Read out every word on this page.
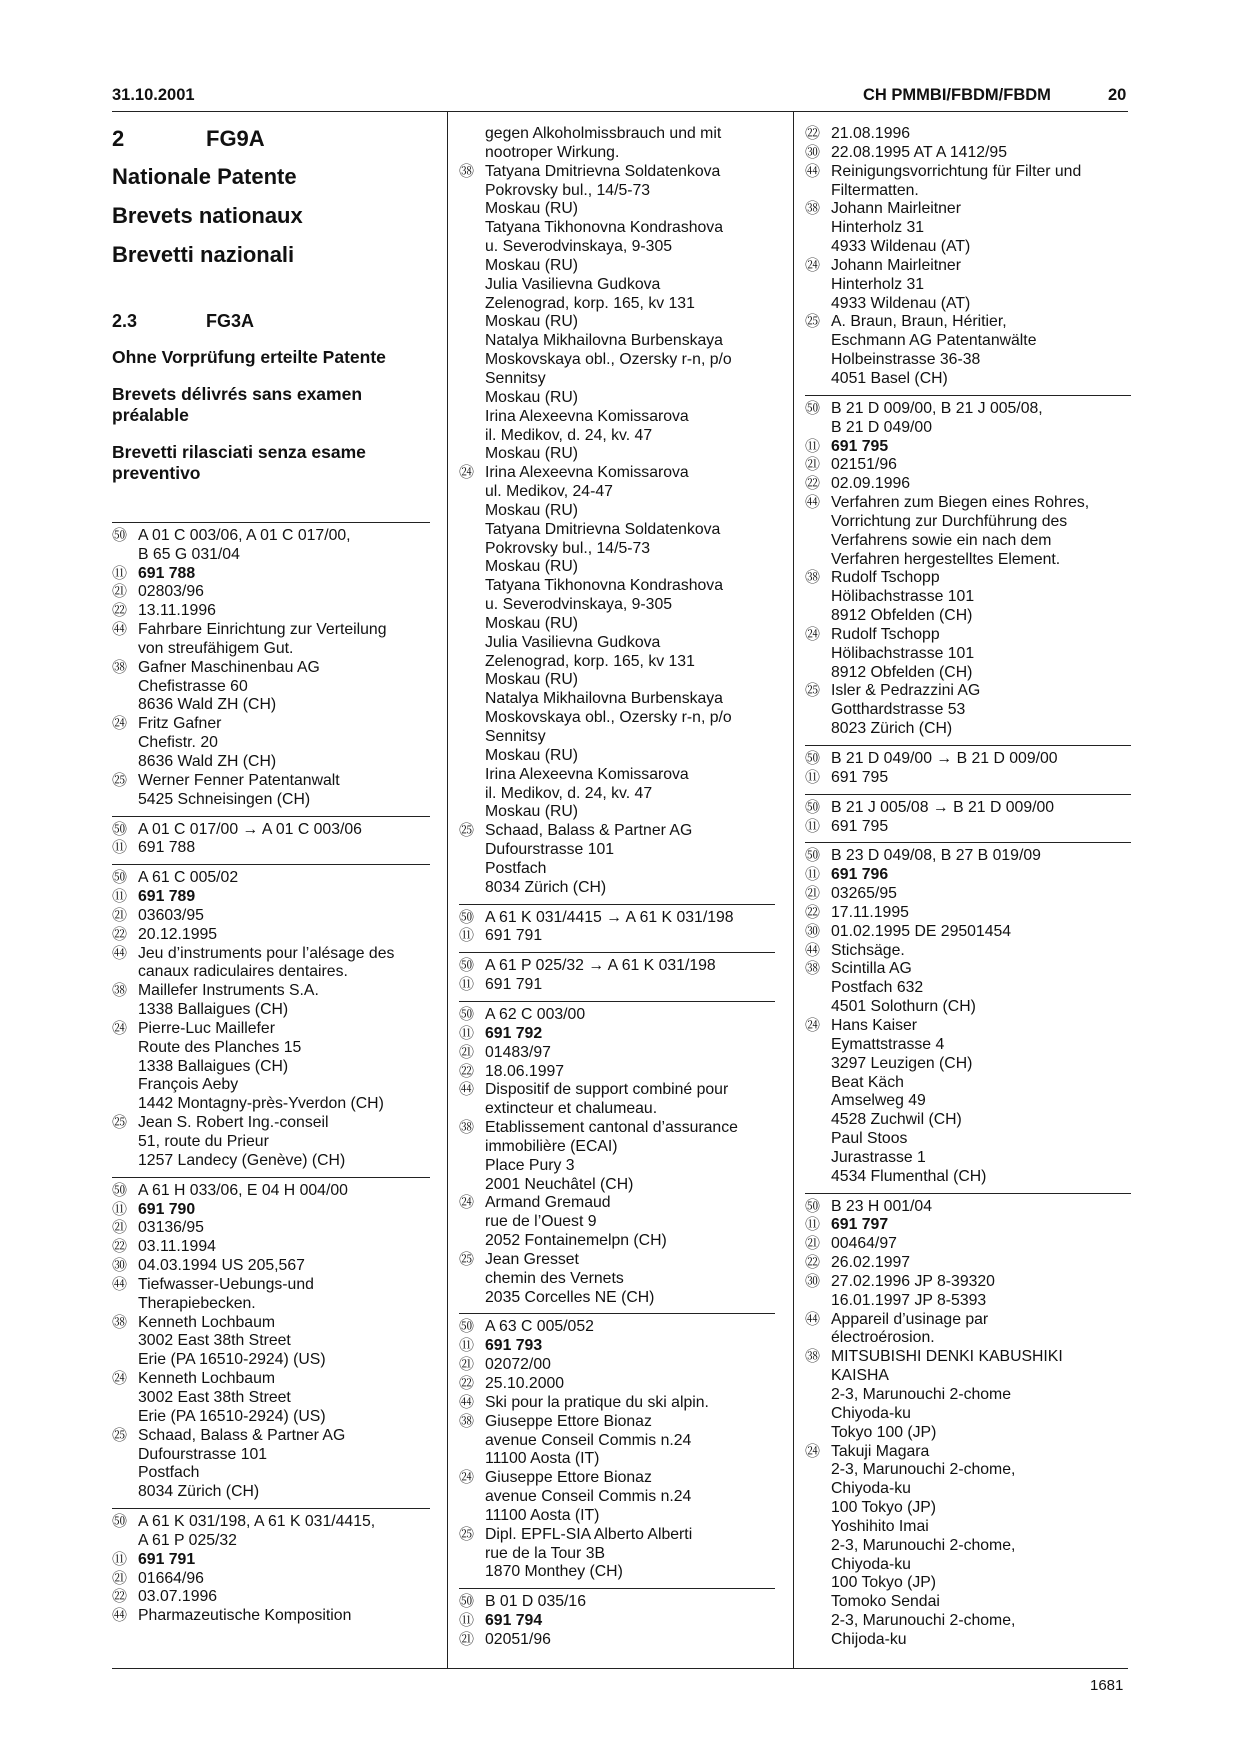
31.10.2001	CH PMMBI/FBDM/FBDM	20
2	FG9A
Nationale Patente
Brevets nationaux
Brevetti nazionali
2.3	FG3A
Ohne Vorprüfung erteilte Patente
Brevets délivrés sans examen préalable
Brevetti rilasciati senza esame preventivo
㊿ A 01 C 003/06, A 01 C 017/00,
B 65 G 031/04
⑪ 691 788
㉑ 02803/96
㉒ 13.11.1996
㊹ Fahrbare Einrichtung zur Verteilung
von streufähigem Gut.
㊳ Gafner Maschinenbau AG
Chefistrasse 60
8636 Wald ZH (CH)
㉔ Fritz Gafner
Chefistr. 20
8636 Wald ZH (CH)
㉕ Werner Fenner Patentanwalt
5425 Schneisingen (CH)
㊿ A 01 C 017/00 → A 01 C 003/06
⑪ 691 788
㊿ A 61 C 005/02
⑪ 691 789
㉑ 03603/95
㉒ 20.12.1995
㊹ Jeu d’instruments pour l’alésage des
canaux radiculaires dentaires.
㊳ Maillefer Instruments S.A.
1338 Ballaigues (CH)
㉔ Pierre-Luc Maillefer
Route des Planches 15
1338 Ballaigues (CH)
François Aeby
1442 Montagny-près-Yverdon (CH)
㉕ Jean S. Robert Ing.-conseil
51, route du Prieur
1257 Landecy (Genève) (CH)
㊿ A 61 H 033/06, E 04 H 004/00
⑪ 691 790
㉑ 03136/95
㉒ 03.11.1994
㉚ 04.03.1994 US 205,567
㊹ Tiefwasser-Uebungs-und
Therapiebecken.
㊳ Kenneth Lochbaum
3002 East 38th Street
Erie (PA 16510-2924) (US)
㉔ Kenneth Lochbaum
3002 East 38th Street
Erie (PA 16510-2924) (US)
㉕ Schaad, Balass & Partner AG
Dufourstrasse 101
Postfach
8034 Zürich (CH)
㊿ A 61 K 031/198, A 61 K 031/4415,
A 61 P 025/32
⑪ 691 791
㉑ 01664/96
㉒ 03.07.1996
㊹ Pharmazeutische Komposition
gegen Alkoholmissbrauch und mit
nootroper Wirkung.
㊳ Tatyana Dmitrievna Soldatenkova
Pokrovsky bul., 14/5-73
Moskau (RU)
Tatyana Tikhonovna Kondrashova
u. Severodvinskaya, 9-305
Moskau (RU)
Julia Vasilievna Gudkova
Zelenograd, korp. 165, kv 131
Moskau (RU)
Natalya Mikhailovna Burbenskaya
Moskovskaya obl., Ozersky r-n, p/o
Sennitsy
Moskau (RU)
Irina Alexeevna Komissarova
il. Medikov, d. 24, kv. 47
Moskau (RU)
㉔ Irina Alexeevna Komissarova
ul. Medikov, 24-47
Moskau (RU)
Tatyana Dmitrievna Soldatenkova
Pokrovsky bul., 14/5-73
Moskau (RU)
Tatyana Tikhonovna Kondrashova
u. Severodvinskaya, 9-305
Moskau (RU)
Julia Vasilievna Gudkova
Zelenograd, korp. 165, kv 131
Moskau (RU)
Natalya Mikhailovna Burbenskaya
Moskovskaya obl., Ozersky r-n, p/o
Sennitsy
Moskau (RU)
Irina Alexeevna Komissarova
il. Medikov, d. 24, kv. 47
Moskau (RU)
㉕ Schaad, Balass & Partner AG
Dufourstrasse 101
Postfach
8034 Zürich (CH)
㊿ A 61 K 031/4415 → A 61 K 031/198
⑪ 691 791
㊿ A 61 P 025/32 → A 61 K 031/198
⑪ 691 791
㊿ A 62 C 003/00
⑪ 691 792
㉑ 01483/97
㉒ 18.06.1997
㊹ Dispositif de support combiné pour
extincteur et chalumeau.
㊳ Etablissement cantonal d’assurance
immobilière (ECAI)
Place Pury 3
2001 Neuchâtel (CH)
㉔ Armand Gremaud
rue de l’Ouest 9
2052 Fontainemelpn (CH)
㉕ Jean Gresset
chemin des Vernets
2035 Corcelles NE (CH)
㊿ A 63 C 005/052
⑪ 691 793
㉑ 02072/00
㉒ 25.10.2000
㊹ Ski pour la pratique du ski alpin.
㊳ Giuseppe Ettore Bionaz
avenue Conseil Commis n.24
11100 Aosta (IT)
㉔ Giuseppe Ettore Bionaz
avenue Conseil Commis n.24
11100 Aosta (IT)
㉕ Dipl. EPFL-SIA Alberto Alberti
rue de la Tour 3B
1870 Monthey (CH)
㊿ B 01 D 035/16
⑪ 691 794
㉑ 02051/96
㉒ 21.08.1996
㉚ 22.08.1995 AT A 1412/95
㊹ Reinigungsvorrichtung für Filter und
Filtermatten.
㊳ Johann Mairleitner
Hinterholz 31
4933 Wildenau (AT)
㉔ Johann Mairleitner
Hinterholz 31
4933 Wildenau (AT)
㉕ A. Braun, Braun, Héritier,
Eschmann AG Patentanwälte
Holbeinstrasse 36-38
4051 Basel (CH)
㊿ B 21 D 009/00, B 21 J 005/08,
B 21 D 049/00
⑪ 691 795
㉑ 02151/96
㉒ 02.09.1996
㊹ Verfahren zum Biegen eines Rohres,
Vorrichtung zur Durchführung des
Verfahrens sowie ein nach dem
Verfahren hergestelltes Element.
㊳ Rudolf Tschopp
Hölibachstrasse 101
8912 Obfelden (CH)
㉔ Rudolf Tschopp
Hölibachstrasse 101
8912 Obfelden (CH)
㉕ Isler & Pedrazzini AG
Gotthardstrasse 53
8023 Zürich (CH)
㊿ B 21 D 049/00 → B 21 D 009/00
⑪ 691 795
㊿ B 21 J 005/08 → B 21 D 009/00
⑪ 691 795
㊿ B 23 D 049/08, B 27 B 019/09
⑪ 691 796
㉑ 03265/95
㉒ 17.11.1995
㉚ 01.02.1995 DE 29501454
㊹ Stichsäge.
㊳ Scintilla AG
Postfach 632
4501 Solothurn (CH)
㉔ Hans Kaiser
Eymattstrasse 4
3297 Leuzigen (CH)
Beat Käch
Amselweg 49
4528 Zuchwil (CH)
Paul Stoos
Jurastrasse 1
4534 Flumenthal (CH)
㊿ B 23 H 001/04
⑪ 691 797
㉑ 00464/97
㉒ 26.02.1997
㉚ 27.02.1996 JP 8-39320
16.01.1997 JP 8-5393
㊹ Appareil d’usinage par
électroérosion.
㊳ MITSUBISHI DENKI KABUSHIKI
KAISHA
2-3, Marunouchi 2-chome
Chiyoda-ku
Tokyo 100 (JP)
㉔ Takuji Magara
2-3, Marunouchi 2-chome,
Chiyoda-ku
100 Tokyo (JP)
Yoshihito Imai
2-3, Marunouchi 2-chome,
Chiyoda-ku
100 Tokyo (JP)
Tomoko Sendai
2-3, Marunouchi 2-chome,
Chijoda-ku
1681
